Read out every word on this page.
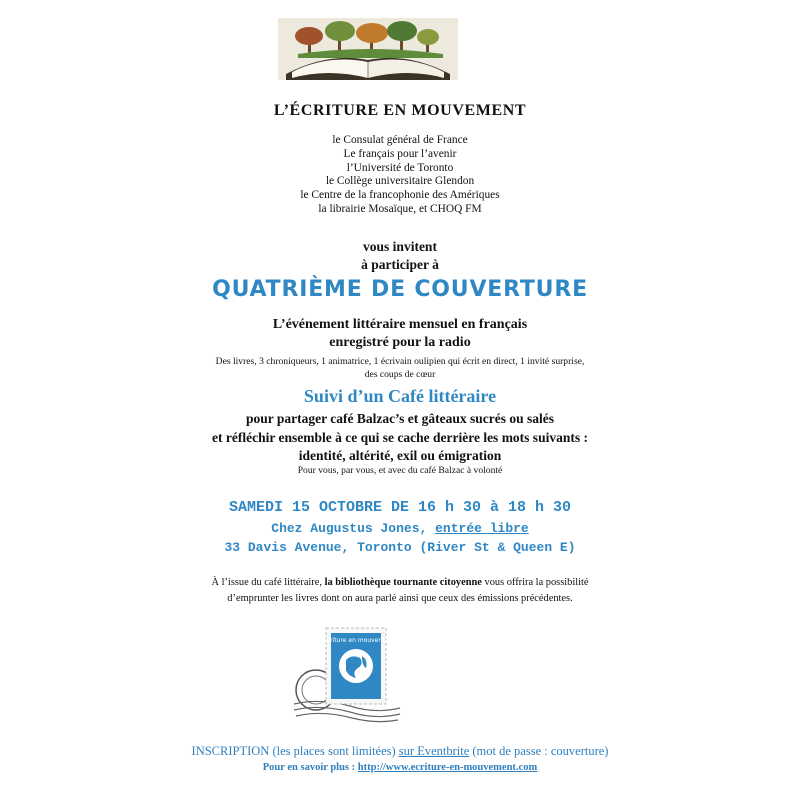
L’ÉCRITURE EN MOUVEMENT
le Consulat général de France
Le français pour l’avenir
l’Université de Toronto
le Collège universitaire Glendon
le Centre de la francophonie des Amériques
la librairie Mosaïque, et CHOQ FM
vous invitent
à participer à
QUATRIÈME DE COUVERTURE
L’événement littéraire mensuel en français
enregistré pour la radio
Des livres, 3 chroniqueurs, 1 animatrice, 1 écrivain oulipien qui écrit en direct, 1 invité surprise,
des coups de cœur
Suivi d’un Café littéraire
pour partager café Balzac’s et gâteaux sucrés ou salés
et réfléchir ensemble à ce qui se cache derrière les mots suivants :
identité, altérité, exil ou émigration
Pour vous, par vous, et avec du café Balzac à volonté
SAMEDI 15 OCTOBRE DE 16 h 30 à 18 h 30
Chez Augustus Jones, entrée libre
33 Davis Avenue, Toronto (River St & Queen E)
À l’issue du café littéraire, la bibliothèque tournante citoyenne vous offrira la possibilité
d’emprunter les livres dont on aura parlé ainsi que ceux des émissions précédentes.
L’écriture en mouvement
INSCRIPTION (les places sont limitées) sur Eventbrite (mot de passe : couverture)
Pour en savoir plus : http://www.ecriture-en-mouvement.com
